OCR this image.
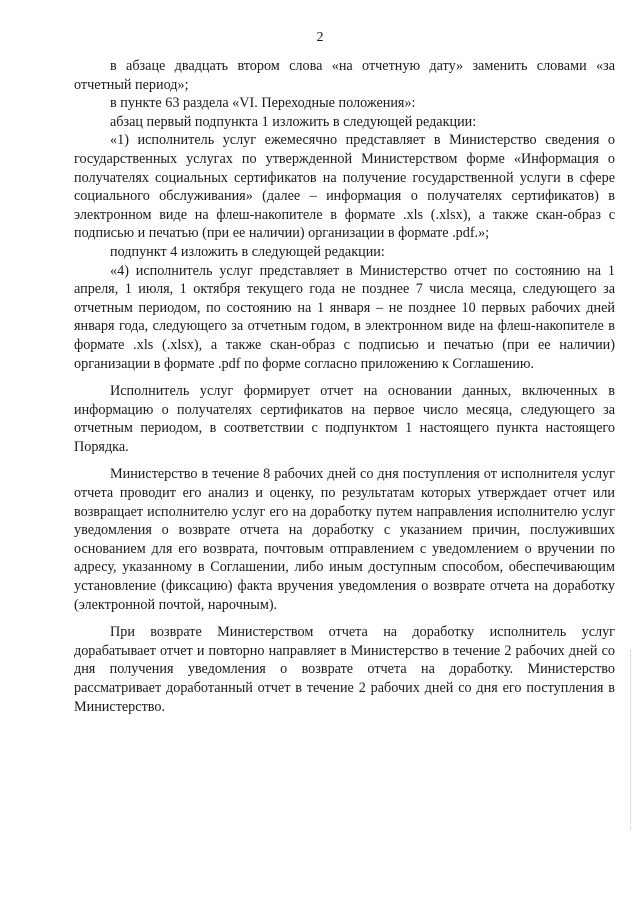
2

в абзаце двадцать втором слова «на отчетную дату» заменить словами «за отчетный период»;

в пункте 63 раздела «VI. Переходные положения»:

абзац первый подпункта 1 изложить в следующей редакции:

«1) исполнитель услуг ежемесячно представляет в Министерство сведения о государственных услугах по утвержденной Министерством форме «Информация о получателях социальных сертификатов на получение государственной услуги в сфере социального обслуживания» (далее – информация о получателях сертификатов) в электронном виде на флеш-накопителе в формате .xls (.xlsx), а также скан-образ с подписью и печатью (при ее наличии) организации в формате .pdf.»;

подпункт 4 изложить в следующей редакции:

«4) исполнитель услуг представляет в Министерство отчет по состоянию на 1 апреля, 1 июля, 1 октября текущего года не позднее 7 числа месяца, следующего за отчетным периодом, по состоянию на 1 января – не позднее 10 первых рабочих дней января года, следующего за отчетным годом, в электронном виде на флеш-накопителе в формате .xls (.xlsx), а также скан-образ с подписью и печатью (при ее наличии) организации в формате .pdf по форме согласно приложению к Соглашению.

Исполнитель услуг формирует отчет на основании данных, включенных в информацию о получателях сертификатов на первое число месяца, следующего за отчетным периодом, в соответствии с подпунктом 1 настоящего пункта настоящего Порядка.

Министерство в течение 8 рабочих дней со дня поступления от исполнителя услуг отчета проводит его анализ и оценку, по результатам которых утверждает отчет или возвращает исполнителю услуг его на доработку путем направления исполнителю услуг уведомления о возврате отчета на доработку с указанием причин, послуживших основанием для его возврата, почтовым отправлением с уведомлением о вручении по адресу, указанному в Соглашении, либо иным доступным способом, обеспечивающим установление (фиксацию) факта вручения уведомления о возврате отчета на доработку (электронной почтой, нарочным).

При возврате Министерством отчета на доработку исполнитель услуг дорабатывает отчет и повторно направляет в Министерство в течение 2 рабочих дней со дня получения уведомления о возврате отчета на доработку. Министерство рассматривает доработанный отчет в течение 2 рабочих дней со дня его поступления в Министерство.
